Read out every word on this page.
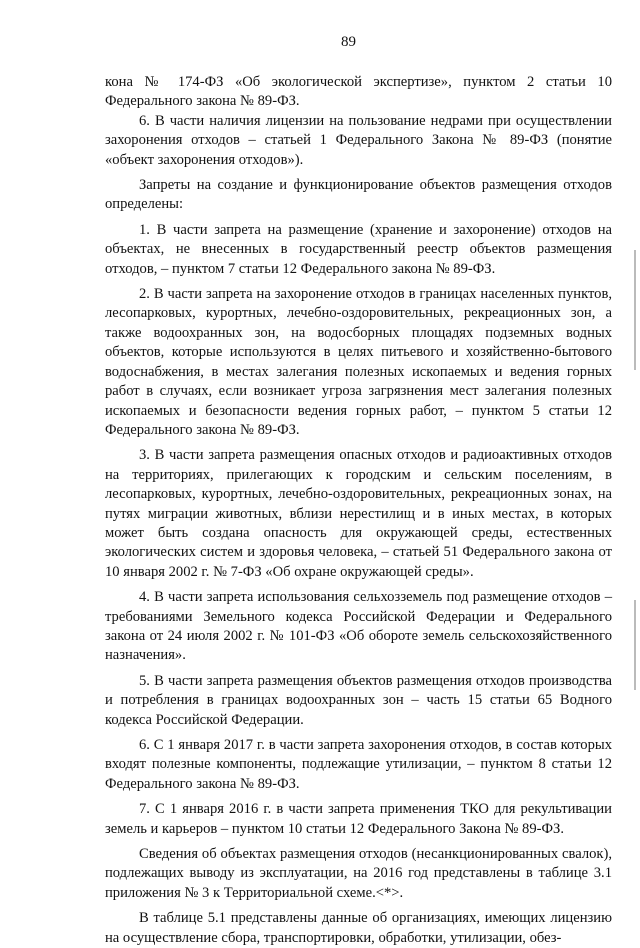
89

кона № 174-ФЗ «Об экологической экспертизе», пунктом 2 статьи 10 Федерального закона № 89-ФЗ.

6. В части наличия лицензии на пользование недрами при осуществлении захоронения отходов – статьей 1 Федерального Закона № 89-ФЗ (понятие «объект захоронения отходов»).

Запреты на создание и функционирование объектов размещения отходов определены:

1. В части запрета на размещение (хранение и захоронение) отходов на объектах, не внесенных в государственный реестр объектов размещения отходов, – пунктом 7 статьи 12 Федерального закона № 89-ФЗ.

2. В части запрета на захоронение отходов в границах населенных пунктов, лесопарковых, курортных, лечебно-оздоровительных, рекреационных зон, а также водоохранных зон, на водосборных площадях подземных водных объектов, которые используются в целях питьевого и хозяйственно-бытового водоснабжения, в местах залегания полезных ископаемых и ведения горных работ в случаях, если возникает угроза загрязнения мест залегания полезных ископаемых и безопасности ведения горных работ, – пунктом 5 статьи 12 Федерального закона № 89-ФЗ.

3. В части запрета размещения опасных отходов и радиоактивных отходов на территориях, прилегающих к городским и сельским поселениям, в лесопарковых, курортных, лечебно-оздоровительных, рекреационных зонах, на путях миграции животных, вблизи нерестилищ и в иных местах, в которых может быть создана опасность для окружающей среды, естественных экологических систем и здоровья человека, – статьей 51 Федерального закона от 10 января 2002 г. № 7-ФЗ «Об охране окружающей среды».

4. В части запрета использования сельхозземель под размещение отходов – требованиями Земельного кодекса Российской Федерации и Федерального закона от 24 июля 2002 г. № 101-ФЗ «Об обороте земель сельскохозяйственного назначения».

5. В части запрета размещения объектов размещения отходов производства и потребления в границах водоохранных зон – часть 15 статьи 65 Водного кодекса Российской Федерации.

6. С 1 января 2017 г. в части запрета захоронения отходов, в состав которых входят полезные компоненты, подлежащие утилизации, – пунктом 8 статьи 12 Федерального закона № 89-ФЗ.

7. С 1 января 2016 г. в части запрета применения ТКО для рекультивации земель и карьеров – пунктом 10 статьи 12 Федерального Закона № 89-ФЗ.

Сведения об объектах размещения отходов (несанкционированных свалок), подлежащих выводу из эксплуатации, на 2016 год представлены в таблице 3.1 приложения № 3 к Территориальной схеме.<*>.

В таблице 5.1 представлены данные об организациях, имеющих лицензию на осуществление сбора, транспортировки, обработки, утилизации, обез-
